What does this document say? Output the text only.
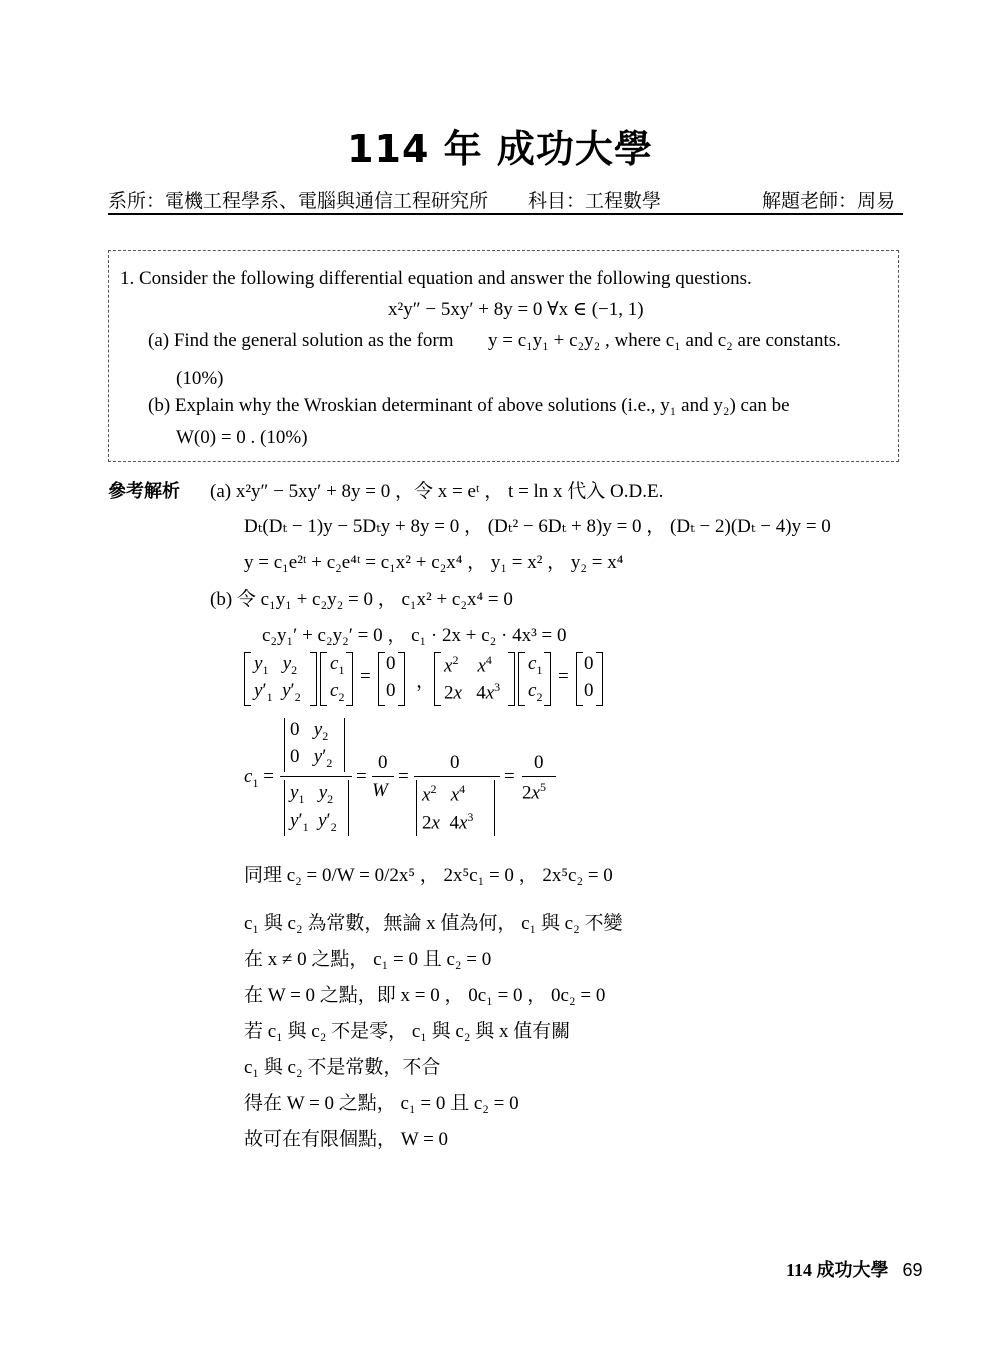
114 年 成功大學
系所：電機工程學系、電腦與通信工程研究所 科目：工程數學	解題老師：周易
1. Consider the following differential equation and answer the following questions.
x²y″ − 5xy′ + 8y = 0 ∀x ∈ (−1, 1)
(a) Find the general solution as the form y = c₁y₁ + c₂y₂ , where c₁ and c₂ are constants.
(10%)
(b) Explain why the Wroskian determinant of above solutions (i.e., y₁ and y₂) can be
W(0) = 0 . (10%)
參考解析 (a) x²y″ − 5xy′ + 8y = 0 ，令 x = eᵗ ， t = ln x 代入 O.D.E.
Dₜ(Dₜ − 1)y − 5Dₜy + 8y = 0 ， (Dₜ² − 6Dₜ + 8)y = 0 ， (Dₜ − 2)(Dₜ − 4)y = 0
y = c₁e²ᵗ + c₂e⁴ᵗ = c₁x² + c₂x⁴ ， y₁ = x² ， y₂ = x⁴
(b) 令 c₁y₁ + c₂y₂ = 0 ， c₁x² + c₂x⁴ = 0
c₂y₁′ + c₂y₂′ = 0 ， c₁ · 2x + c₂ · 4x³ = 0
$y_1$ $y_2$
$y'_1$ $y'_2$
$c_1$
$c_2$
=
0
0 ，
$x^2$ $x^4$
2x   $4x^3$
$c_1$
$c_2$
=
0
0
$c_1$ =
0   $y_2$
0   $y'_2$
$y_1$ $y_2$
$y'_1$ $y'_2$
=
0
W
=
0
$x^2$ $x^4$
2x  $4x^3$
=
0
$2x^5$
同理 c₂ = 0/W = 0/2x⁵ ， 2x⁵c₁ = 0 ， 2x⁵c₂ = 0
c₁ 與 c₂ 為常數，無論 x 值為何， c₁ 與 c₂ 不變
在 x ≠ 0 之點， c₁ = 0 且 c₂ = 0
在 W = 0 之點，即 x = 0 ， 0c₁ = 0 ， 0c₂ = 0
若 c₁ 與 c₂ 不是零， c₁ 與 c₂ 與 x 值有關
c₁ 與 c₂ 不是常數，不合
得在 W = 0 之點， c₁ = 0 且 c₂ = 0
故可在有限個點， W = 0
114 成功大學 69
